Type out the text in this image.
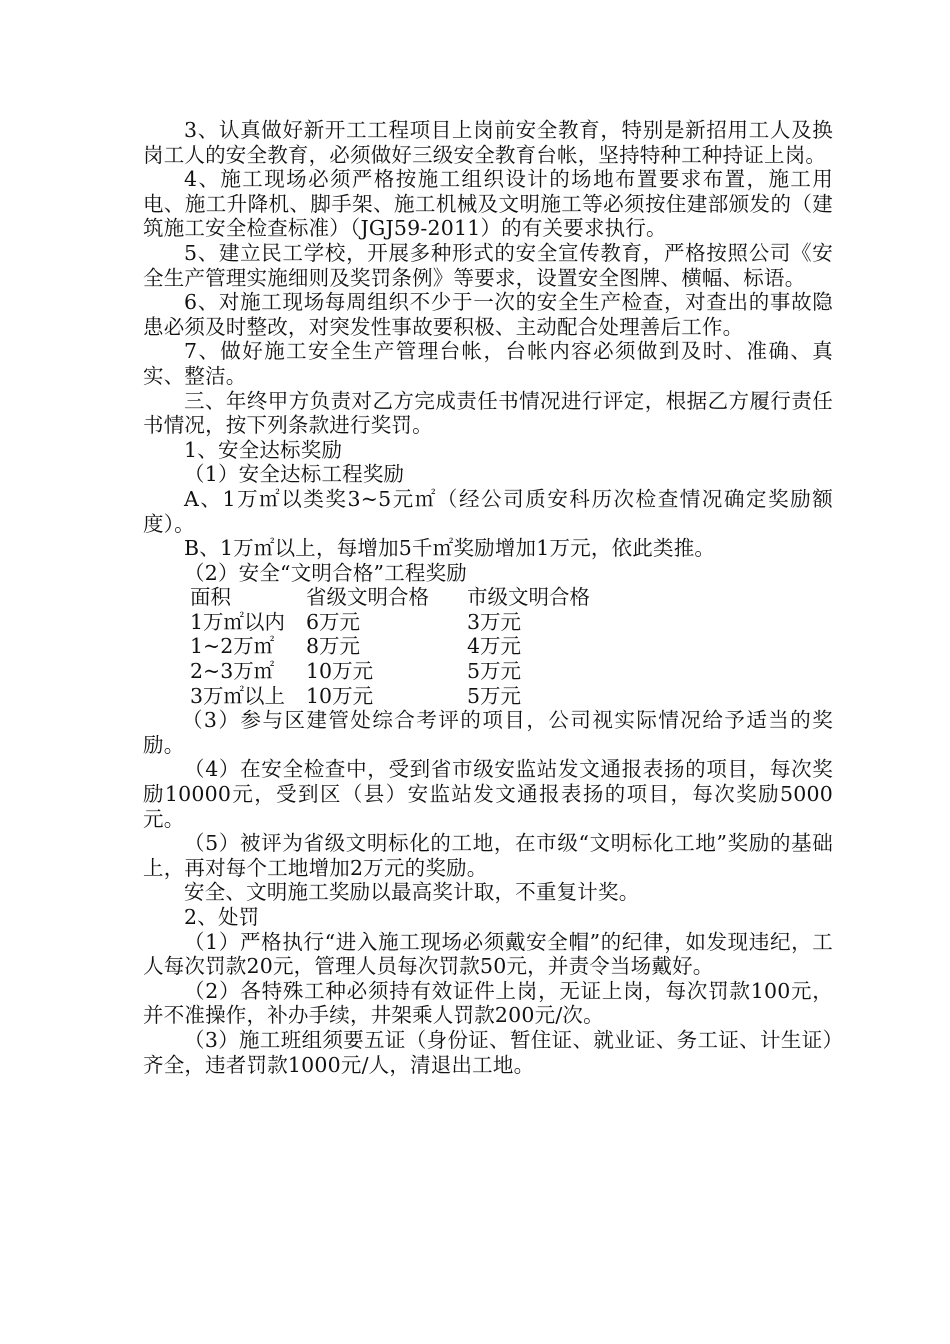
3、认真做好新开工工程项目上岗前安全教育，特别是新招用工人及换岗工人的安全教育，必须做好三级安全教育台帐，坚持特种工种持证上岗。

4、施工现场必须严格按施工组织设计的场地布置要求布置，施工用电、施工升降机、脚手架、施工机械及文明施工等必须按住建部颁发的（建筑施工安全检查标准）（JGJ59-2011）的有关要求执行。

5、建立民工学校，开展多种形式的安全宣传教育，严格按照公司《安全生产管理实施细则及奖罚条例》等要求，设置安全图牌、横幅、标语。

6、对施工现场每周组织不少于一次的安全生产检查，对查出的事故隐患必须及时整改，对突发性事故要积极、主动配合处理善后工作。

7、做好施工安全生产管理台帐，台帐内容必须做到及时、准确、真实、整洁。

三、年终甲方负责对乙方完成责任书情况进行评定，根据乙方履行责任书情况，按下列条款进行奖罚。

1、安全达标奖励

（1）安全达标工程奖励

A、1万㎡以类奖3~5元㎡（经公司质安科历次检查情况确定奖励额度）。

B、1万㎡以上，每增加5千㎡奖励增加1万元，依此类推。

（2）安全“文明合格”工程奖励

面积	省级文明合格	市级文明合格
1万㎡以内	6万元	3万元
1~2万㎡	8万元	4万元
2~3万㎡	10万元	5万元
3万㎡以上	10万元	5万元

（3）参与区建管处综合考评的项目，公司视实际情况给予适当的奖励。

（4）在安全检查中，受到省市级安监站发文通报表扬的项目，每次奖励10000元，受到区（县）安监站发文通报表扬的项目，每次奖励5000元。

（5）被评为省级文明标化的工地，在市级“文明标化工地”奖励的基础上，再对每个工地增加2万元的奖励。

安全、文明施工奖励以最高奖计取，不重复计奖。

2、处罚

（1）严格执行“进入施工现场必须戴安全帽”的纪律，如发现违纪，工人每次罚款20元，管理人员每次罚款50元，并责令当场戴好。

（2）各特殊工种必须持有效证件上岗，无证上岗，每次罚款100元，并不准操作，补办手续，井架乘人罚款200元/次。

（3）施工班组须要五证（身份证、暂住证、就业证、务工证、计生证）齐全，违者罚款1000元/人，清退出工地。
